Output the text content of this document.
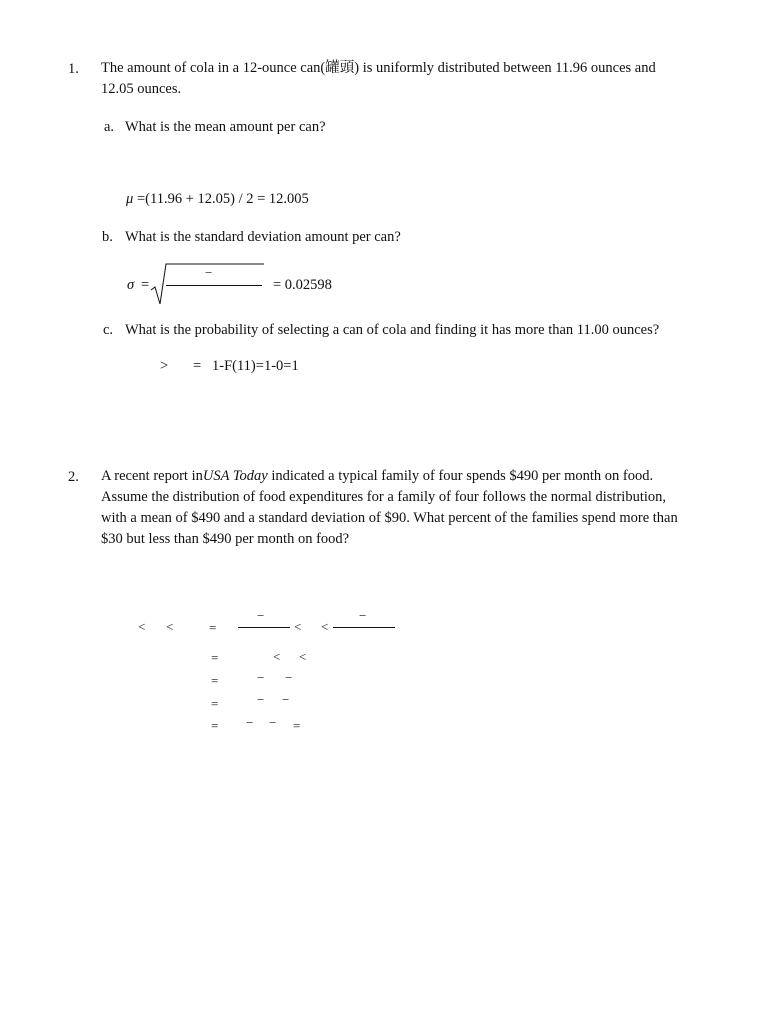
1. The amount of cola in a 12-ounce can(罐頭) is uniformly distributed between 11.96 ounces and
12.05 ounces.
a. What is the mean amount per can?
μ =(11.96 + 12.05) / 2 = 12.005
b. What is the standard deviation amount per can?
σ =
−
= 0.02598
c. What is the probability of selecting a can of cola and finding it has more than 11.00 ounces?
> = 1-F(11)=1-0=1
2. A recent report inUSA Today indicated a typical family of four spends $490 per month on food.
Assume the distribution of food expenditures for a family of four follows the normal distribution,
with a mean of $490 and a standard deviation of $90. What percent of the families spend more than
$30 but less than $490 per month on food?
< <	=
−
< <
−
=	< <
=	− −
=	− −
= − − =
